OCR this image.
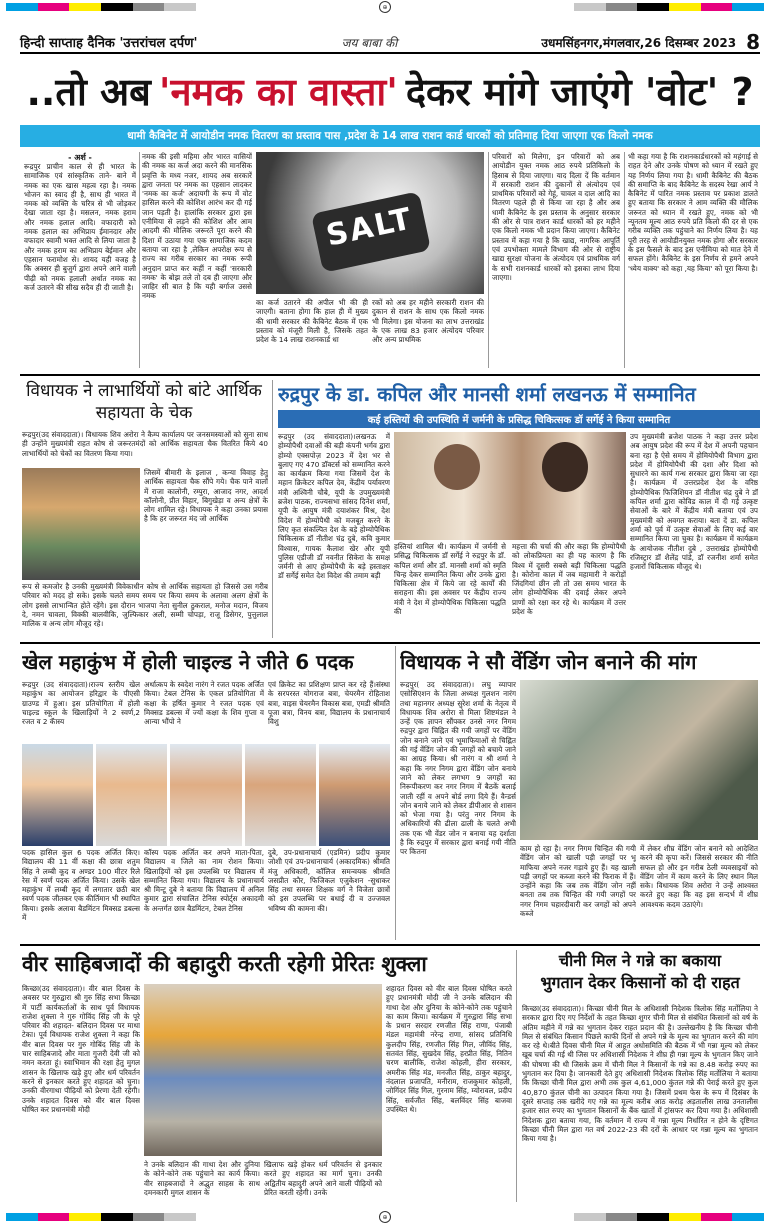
⊕
हिन्दी साप्ताह दैनिक 'उत्तरांचल दर्पण'	जय बाबा की	उधमसिंहनगर,मंगलवार,26 दिसम्बर 2023 8
..तो अब 'नमक का वास्ता' देकर मांगे जाएंगे 'वोट' ?
धामी कैबिनेट में आयोडीन नमक वितरण का प्रस्ताव पास ,प्रदेश के 14 लाख राशन कार्ड धारकों को प्रतिमाह दिया जाएगा एक किलो नमक
- अर्श -
रूद्रपुर प्राचीन काल से ही भारत के सामाजिक एवं सांस्कृतिक ताने- बाने में नमक का एक खास महत्व रहा है। नमक भोजन का स्वाद ही है, साथ ही भारत में नमक को व्यक्ति के चरित्र से भी जोड़कर देखा जाता रहा है। मसलन, नमक हराम और नमक हलाल आदि। वफादारी को नमक हलाल का अभिप्राय ईमानदार और वफादार स्वामी भक्त आदि से लिया जाता है और नमक हराम का अभिप्राय बेईमान और एहसान फरामोश से। शायद यही वजह है कि अक्सर ही बुजुर्ग द्वारा अपने आने वाली पीढ़ी को नमक हलाली अर्थात नमक का कर्ज उतारने की सीख सदैव ही दी जाती है।
नमक की इसी महिमा और भारत वासियों की नमक का कर्ज अदा करने की मानसिक प्रवृत्ति के मध्य नजर, शायद अब सरकारें द्वारा जनता पर नमक का एहसान लादकर 'नमक का कर्ज' अदायगी के रूप में वोट हासिल करने की कोशिश आरंभ कर दी गई जान पड़ती है। हालांकि सरकार द्वारा इस एनीमिया से लड़ने की कोशिश और आम आदमी की मौलिक जरूरतें पूरा करने की दिशा में उठाया गया एक सामाजिक कदम बताया जा रहा है ,लेकिन अपरोक्ष रूप से राज्य का गरीब सरकार का नमक रूपी अनुदान प्राप्त कर कहीं न कहीं 'सरकारी नमक' के बोझ तले तो दब ही जाएगा और जाहिर सी बात है कि यही बर्गाज उससे नमक
SALT
का कर्ज उतारने की अपील भी की ही जाएगी। बताना होगा कि हाल ही में मुख्य की धामी सरकार की कैबिनेट बैठक में एक प्रस्ताव को मंजूरी मिली है, जिसके तहत प्रदेश के 14 लाख राशनकार्ड धा
रकों को अब हर महीने सरकारी राशन की दुकान से राशन के साथ एक किलो नमक भी मिलेगा। इस योजना का लाभ उत्तराखंड के एक लाख 83 हजार अंत्योदय परिवार और अन्य प्राथमिक
परिवारों को मिलेगा, इन परिवारों को अब आयोडीन युक्त नमक आठ रुपये प्रतिकिलो के हिसाब से दिया जाएगा। याद दिला दें कि वर्तमान में सरकारी राशन की दुकानों से अंत्योदय एवं प्राथमिक परिवारों को गेहूं, चावल व दाल आदि का वितरण पहले ही से किया जा रहा है और अब धामी कैबिनेट के इस प्रस्ताव के अनुसार सरकार की ओर से पात्र राशन कार्ड धारकों को हर महीने एक किलो नमक भी प्रदान किया जाएगा। कैबिनेट प्रस्ताव में कहा गया है कि खाद्य, नागरिक आपूर्ति एवं उपभोक्ता मामले विभाग की ओर से राष्ट्रीय खाद्य सुरक्षा योजना के अंत्योदय एवं प्राथमिक वर्ग के सभी राशनकार्ड धारकों को इसका लाभ दिया जाएगा।
भी कहा गया है कि राशनकार्डधारकों को महंगाई से राहत देने और उनके पोषण को ध्यान में रखते हुए यह निर्णय लिया गया है। धामी कैबिनेट की बैठक की समाप्ति के बाद कैबिनेट के सदस्य रेखा आर्य ने कैबिनेट में पारित नमक प्रस्ताव पर प्रकाश डालते हुए बताया कि सरकार ने आम व्यक्ति की मौलिक जरूरत को ध्यान में रखते हुए, नमक को भी न्यूनतम मूल्य आठ रुपये प्रति किलो की दर से एक गरीब व्यक्ति तक पहुंचाने का निर्णय लिया है। यह पूरी तरह से आयोडीनयुक्त नमक होगा और सरकार के इस फैसले के बाद इस एनीमिया को मात देने में सफल होंगे। कैबिनेट के इस निर्णय से हमने अपने 'ध्येय वाक्य' को कहा ,यह किया' को पूरा किया है।
विधायक ने लाभार्थियों को बांटे आर्थिक सहायता के चेक
रूद्रपुर(उद संवाददाता)। विधायक शिव अरोरा ने कैम्प कार्यालय पर जनसमस्याओं को सुना साथ ही उन्होंने मुख्यमंत्री राहत कोष से जरूरतमंदों को आर्थिक सहायता चैक वितरित किये 40 लाभार्थियों को चेकों का वितरण किया गया।
जिसमें बीमारी के इलाज , कन्या विवाह हेतु आर्थिक सहायता चैक सौंपे गये। चैक पाने वालों में राजा कालोनी, रम्पुरा, आजाद नगर, आदर्श कॉलोनी, प्रीत विहार, बिगुखेड़ा व अन्य क्षेत्रों के लोग शामिल रहे। विधायक ने कहा उनका प्रयास है कि हर जरूरत मंद जो आर्थिक
रूप से कमजोर है उनकी मुख्यमंत्री विवेकाधीन कोष से आर्थिक सहायता हो जिससे उस गरीब परिवार को मदद हो सके। इसके चलते समय समय पर किया समय के अलावा अलग क्षेत्रों के लोग इससे लाभान्वित होते रहेंगे। इस दौरान भाजपा नेता सुनील ठुकराल, मनोज मदान, विजय दे, नमन चावला, विक्की बालवीकि, जुल्फिकार अली, सम्मी चोपड़ा, राजू डिसेगर, पुत्तुलाल मालिक व अन्य लोग मौजूद रहे।
रुद्रपुर के डा. कपिल और मानसी शर्मा लखनऊ में सम्मानित
कई हस्तियों की उपस्थिति में जर्मनी के प्रसिद्ध चिकित्सक डॉ सर्गेई ने किया सम्मानित
रूद्रपुर (उद संवाददाता)।लखनऊ में होम्योपैथी दवाओं की बड़ी कंपनी भर्गव द्वारा होम्यो एक्सपोज़ 2023 में देश भर से बुलाए गए 470 डॉक्टर्स को सम्मानित करने का कार्यक्रम किया गया जिसमें देश के महान क्रिकेटर कपिल देव, केंद्रीय पर्यावरण मंत्री अश्विनी चौबे, यूपी के उपमुख्यमंत्री ब्रजेश पाठक, राज्यसभा सांसद दिनेश शर्मा, यूपी के आयुष मंत्री दयाशंकर मिश्र, देश विदेश में होम्योपैथी को मजबूत करने के लिए कृत संकल्पित देश के बड़े होम्योपैथिक चिकित्सक डॉ नीतीश चंद्र दुबे, कवि कुमार विश्वास, गायक कैलाश खेर और यूपी पुलिस एडीजी डॉ नवनीत सिकेरा के समक्ष जर्मनी से आए होम्योपैथी के बड़े हस्ताक्षर डॉ सर्गेई समेत देश विदेश की तमाम बड़ी
हस्तियां शामिल थी। कार्यक्रम में जर्मनी से प्रसिद्ध चिकित्सक डॉ सर्गेई ने रुद्रपुर के डॉ. कपिल शर्मा और डॉ. मानसी शर्मा को स्मृति चिन्ह देकर सम्मानित किया और उनके द्वारा चिकित्सा क्षेत्र में किये जा रहे कार्यों की सराहना की। इस अवसर पर केंद्रीय राज्य मंत्री ने देश में होम्योपैथिक चिकित्सा पद्धति की
महत्ता की चर्चा की और कहा कि होम्योपैथी को लोकप्रियता का ही यह कारण है कि विश्व में दूसरी सबसे बड़ी चिकित्सा पद्धति है। कोरोना काल में जब महामारी ने करोड़ों जिंदगियां छीन ली तो उस समय भारत के लोग होम्योपैथिक की दवाई लेकर अपने प्राणों को रक्षा कर रहे थे। कार्यक्रम में उत्तर प्रदेश के
उप मुख्यमंत्री ब्रजेश पाठक ने कहा उत्तर प्रदेश अब आयुष प्रदेश की रूप में देश में अपनी पहचान बना रहा है ऐसे समय में होमियोपैथी विभाग द्वारा प्रदेश में होमियोपैथी की दशा और दिशा को सुधारने का कार्य गन्ध सरकार द्वारा किया जा रहा है। कार्यक्रम में उत्तरप्रदेश देश के वरिष्ठ होम्योपैथिक फिजिशियन डॉ नीतीश चंद्र दुबे ने डॉ कपिल शर्मा द्वारा कोविड काल में दी गई उत्कृष्ट सेवाओं के बारे में केंद्रीय मंत्री बताया एवं उप मुख्यमंत्री को अवगत कराया। बता दें डा. कपिल शर्मा को पूर्व में उत्कृष्ट सेवाओं के लिए कई बार सम्मानित किया जा चुका है। कार्यक्रम में कार्यक्रम के आयोजक नीतीश दुबे , उत्तराखंड होम्योपैथी रजिस्ट्रार डॉ शैलेंद्र पांडे, डॉ रजनीश शर्मा समेत हजारों चिकित्सक मौजूद थे।
खेल महाकुंभ में होली चाइल्ड ने जीते 6 पदक
रूद्रपुर (उद संवाददाता)।राज्य स्तरीय खेल महाकुंभ का आयोजन हरिद्वार के पीएसी ग्राउण्ड में हुआ। इस प्रतियोगिता में होली चाइल्ड स्कूल के खिलाड़ियों ने 2 स्वर्ण,2 रजत व 2 कॅास्य
अर्थात्कप के स्वदेश नारंग ने रजत पदक अर्जित किया। टेबल टेनिस के एकल प्रतियोगिता में कक्षा के हर्षित कुमार ने रजत पदक एवं मिक्सड डबल्स में ज्यों कक्षा के शिव गुप्ता व आन्या भौंपो ने
एवं क्रिकेट का प्रशिक्षण प्राप्त कर रहे हैं।संस्था के सरपरस्त योगराज बत्रा, चेयरमैन रोहिताश बत्रा, वाइस चेयरमैन विकास बत्रा, एमडी श्रीमति पूजा बत्रा, विनय बत्रा, विद्यालय के प्रधानाचार्य विशु
पदक हासिल कुल 6 पदक अर्जित किए। विद्यालय की 11 वीं कक्षा की छात्रा शतुम सिंह ने लम्बी कूद व अण्डर 100 मीटर रिले रेस में स्वर्ण पदक अर्जित किया। उसके खेल महाकुंभ में लम्बी कूद में लगातार छठी बार स्वर्ण पदक जीतकर एक कीर्तिमान भी स्थापित किया। इसके अलावा बैडमिंटन मिक्सड डबल्स में
कॉस्य पदक अर्जित कर अपने माता-पिता, विद्यालय व जिले का नाम रोशन किया। खिलाड़ियों को इस उपलब्धि पर विद्यालय में सम्मानित किया गया। विद्यालय के प्रधानाचार्य श्री मिन्टू दुबे ने बताया कि विद्यालय में अनिल कुमार द्वारा संचालित टेनिस स्पोर्ट्स अकादमी के अन्तर्गत छात्र बैडमिंटन, टेबल टेनिस
दुबे, उप-प्रधानाचार्य (एडमिन) प्रदीप कुमार जोशी एवं उप-प्रधानाचार्य (अकादमिक) श्रीमति मंजु अधिकारी, कॉलिज समन्वयक श्रीमति जसप्रीत कौर, फिजिकल एजुकेशन -सुधाकर सिंह तथा समस्त शिक्षक वर्ग ने विजेता छात्रों को इस उपलब्धि पर बधाई दी व उज्जवल भविष्य की कामना की।
विधायक ने सौ वेंडिंग जोन बनाने की मांग
रूद्रपुर( उद संवाददाता)। लघु व्यापार एसोसिएशन के जिला अध्यक्ष गुलशन नारंग तथा महानगर अध्यक्ष सुरेश शर्मा के नेतृत्व में विधायक शिव अरोरा से मिला शिष्टमंडल ने उन्हें एक ज्ञापन सौंपकर उनसे नगर निगम रुद्रपुर द्वारा चिह्नित की गयी जगहों पर वेंडिंग जोन बनाने जाने एवं भूमाफियाओं से चिह्नित की गई वेंडिंग जोन की जगहों को बचाये जाने का आग्रह किया। श्री नारंग व श्री शर्मा ने कहा कि नगर निगम द्वारा वेंडिंग जोन बनाये जाने को लेकर लगभग 9 जगहों का निरूपीकरण कर नगर निगम में बैठकें बलाई जाती रहीं व अपने बोर्ड लगा दिये हैं। वैन्डर्स जोन बनाये जाने को लेकर डीपीआर से शासन को भेजा गया है। परंतु नगर निगम के अधिकारियों की ढीला ढाली के चलते अभी तक एक भी वेंडर जोन न बनाया यह दर्शाता है कि रुद्रपुर में सरकार द्वारा बनाई गयी नीति पर कितना	काम हो रहा है। नगर निगम चिन्हित की गयी वेंडिंग जोन को खाली पड़ी जगहों पर भू माफिया अपने नजर गड़ाये हुए हैं। यह खाली पड़ी जगहों पर कब्जा करने की फिराक में हैं। उन्होंने कहा कि जब तक वेंडिंग जोन नहीं बनता तब तक चिन्हित की गयी जगहों पर नगर निगम चहारदीवारी कर जगहों को अपने कब्जे
में लेकर शीघ्र वेंडिंग जोन बनाने को आदेशित करने की कृपा करें। जिससे सरकार की नीति सफल हो और इन गरीब ठेली व्यवसाइयों को वेंडिंग जोन में काम करने के लिए स्थान मिल सके। विधायक शिव अरोरा ने उन्हें आश्वस्त करते हुए कहा कि वह इस सन्दर्भ में शीघ्र आवश्यक कदम उठाएंगे।
वीर साहिबजादों की बहादुरी करती रहेगी प्रेरितः शुक्ला
किच्छा(उद संवाददाता)। वीर बाल दिवस के अवसर पर गुरुद्वारा श्री गुरु सिंह सभा किच्छा में पार्टी कार्यकर्ताओं के साथ पूर्व विधायक राजेश शुक्ला ने गुरु गोविंद सिंह जी के पूरे परिवार की शहादत- बलिदान दिवस पर माथा टेका। पूर्व विधायक राजेश शुक्ला ने कहा कि वीर बाल दिवस पर गुरु गोबिंद सिंह जी के चार साहिबजादे और माता गुजरी देवी जी को नमन करता हूं। स्वाभिमान की रक्षा हेतु मुगल शासन के खिलाफ खड़े हुए और धर्म परिवर्तन करने से इनकार करते हुए शहादत को चुना। उनकी वीरगाथा पीढ़ियों को प्रेरणा देती रहेगी। उनके शहादत दिवस को वीर बाल दिवस घोषित कर प्रधानमंत्री मोदी
ने उनके बलिदान की गाथा देश और दुनिया के कोने-कोने तक पहुंचाने का कार्य किया। वीर साहबजादों ने अद्भुत साहस के साथ दमनकारी मुगल शासन के
खिलाफ खड़े होकर धर्म परिवर्तन से इनकार करते हुए शहादत का मार्ग चुना। उनकी अद्वितीय बहादुरी अपने आने वाली पीढ़ियों को प्रेरित करती रहेगी। उनके
शहादत दिवस को वीर बाल दिवस घोषित करते हुए प्रधानमंत्री मोदी जी ने उनके बलिदान की गाथा देश और दुनिया के कोने-कोने तक पहुंचाने का काम किया। कार्यक्रम में गुरुद्वारा सिंह सभा के प्रधान सरदार रणजीत सिंह राणा, पंजाबी मंडल महामंत्री नरेन्द्र राणा, सांसद प्रतिनिधि कुलदीप सिंह, रणजीत सिंह गिल, जीविंद सिंह, सतवंत सिंह, सुखदेव सिंह, हरप्रीत सिंह, नितिन चरण बालीकि, राजेश कोहली, हीरा सरकार, अमरीक सिंह मंड, मनजीत सिंह, ठाकुर बहादुर, नंदलाल प्रजापति, मनीराम, राजकुमार कोहली, जोगिंदर सिंह गिल, गुरनाम सिंह, म्योरावल, प्रदीप सिंह, सर्वजीत सिंह, बलविंदर सिंह बाजवा उपस्थित थे।
चीनी मिल ने गन्ने का बकाया
भुगतान देकर किसानों को दी राहत
किच्छा(उद संवाददाता)। किच्छा चीनी मिल के अधिशासी निदेशक त्रिलोक सिंह मर्तोलिया ने सरकार द्वारा दिए गए निर्देशों के तहत किच्छा शुगर चीनी मिल से संबंधित किसानों को वर्ष के अंतिम महीने में गन्ने का भुगतान देकर राहत प्रदान की है। उल्लेखनीय है कि किच्छा चीनी मिल से संबंधित किसान पिछले काफी दिनों से अपने गन्ने के मूल्य का भुगतान करने की मांग कर रहे थे।बीते दिवस चीनी मिल में आहूत अधोसमिति की बैठक में भी गन्ना मूल्य को लेकर खूब चर्चा की गई थी जिस पर अधिशासी निदेशक ने शीघ्र ही गन्ना मूल्य के भुगतान किए जाने की घोषणा की थी जिसके क्रम में चीनी मिल ने किसानों के गन्ने का 8.48 करोड़ रुपए का भुगतान कर दिया है। जानकारी देते हुए अधिशासी निदेशक त्रिलोक सिंह मर्तोलिया ने बताया कि किच्छा चीनी मिल द्वारा अभी तक कुल 4,61,000 कुंतल गन्ने की पेराई करते हुए कुल 40,870 कुंतल चीनी का उत्पादन किया गया है। जिसमें प्रथम फेस के रूप में दिसंबर के दूसरे सप्ताह तक खरीदे गए गन्ने का मूल्य करीब आठ करोड़ अड़तालीस लाख उनतालीस हजार सात रुपए का भुगतान किसानों के बैंक खातों में ट्रांसफर कर दिया गया है। अधिशासी निदेशक द्वारा बताया गया, कि वर्तमान में राज्य में गन्ना मूल्य निर्धारित न होने के दृष्टिगत किच्छा चीनी मिल द्वारा गत वर्ष 2022-23 की दरों के आधार पर गन्ना मूल्य का भुगतान किया गया है।
⊕
